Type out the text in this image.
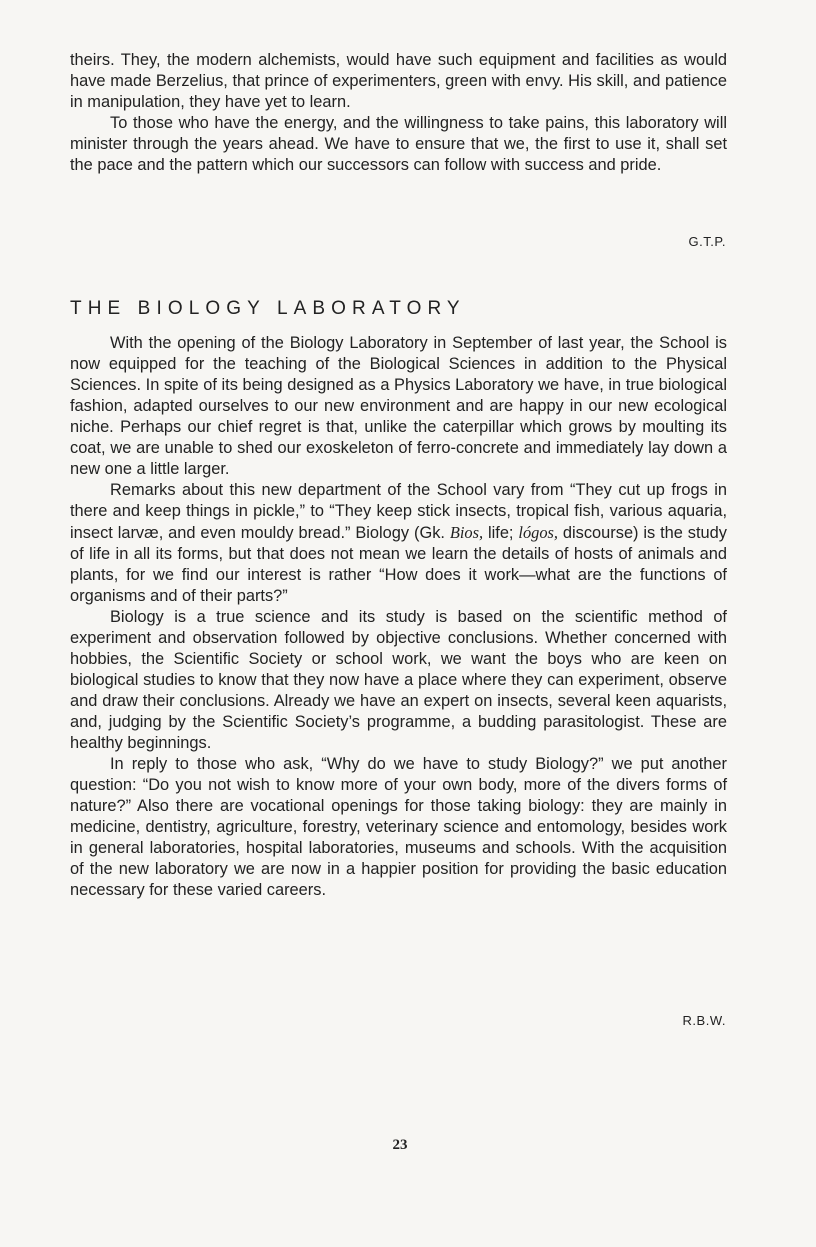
theirs. They, the modern alchemists, would have such equipment and facilities as would have made Berzelius, that prince of experimenters, green with envy. His skill, and patience in manipulation, they have yet to learn.

To those who have the energy, and the willingness to take pains, this laboratory will minister through the years ahead. We have to ensure that we, the first to use it, shall set the pace and the pattern which our successors can follow with success and pride.

G.T.P.
THE BIOLOGY LABORATORY

With the opening of the Biology Laboratory in September of last year, the School is now equipped for the teaching of the Biological Sciences in addition to the Physical Sciences. In spite of its being designed as a Physics Laboratory we have, in true biological fashion, adapted ourselves to our new environment and are happy in our new ecological niche. Perhaps our chief regret is that, unlike the caterpillar which grows by moulting its coat, we are unable to shed our exoskeleton of ferro-concrete and immediately lay down a new one a little larger.

Remarks about this new department of the School vary from “They cut up frogs in there and keep things in pickle,” to “They keep stick insects, tropical fish, various aquaria, insect larvæ, and even mouldy bread.” Biology (Gk. Bios, life; lógos, discourse) is the study of life in all its forms, but that does not mean we learn the details of hosts of animals and plants, for we find our interest is rather “How does it work—what are the functions of organisms and of their parts?”

Biology is a true science and its study is based on the scientific method of experiment and observation followed by objective conclusions. Whether concerned with hobbies, the Scientific Society or school work, we want the boys who are keen on biological studies to know that they now have a place where they can experiment, observe and draw their conclusions. Already we have an expert on insects, several keen aquarists, and, judging by the Scientific Society’s programme, a budding parasitologist. These are healthy beginnings.

In reply to those who ask, “Why do we have to study Biology?” we put another question: “Do you not wish to know more of your own body, more of the divers forms of nature?” Also there are vocational openings for those taking biology: they are mainly in medicine, dentistry, agriculture, forestry, veterinary science and entomology, besides work in general laboratories, hospital laboratories, museums and schools. With the acquisition of the new laboratory we are now in a happier position for providing the basic education necessary for these varied careers.

R.B.W.
23
